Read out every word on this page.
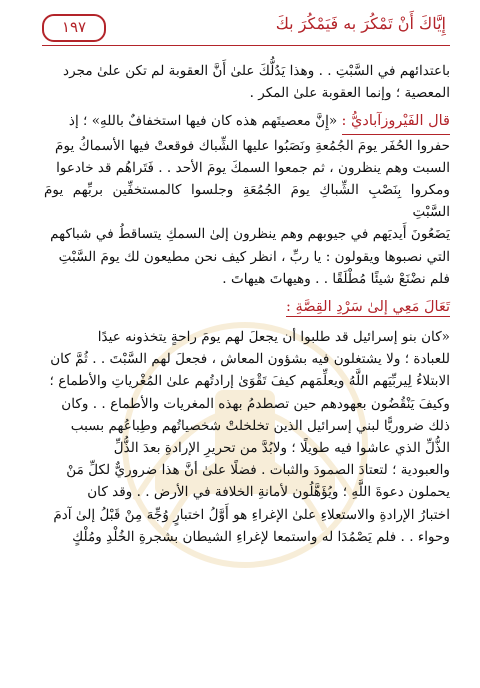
إِيَّاكَ أَنْ تَمْكُرَ به فَيَمْكُرَ بكَ
١٩٧

باعتدائهم في السَّبْتِ . . وهذا يَدُلُّكَ علىٰ أَنَّ العقوبة لم تكن علىٰ مجرد

المعصية ؛ وإنما العقوبة علىٰ المكر .

قال الفَيْروزآباديُّ : «إِنَّ معصيتَهم هذه كان فيها استخفافٌ باللهِ» ؛ إذ

حفروا الحُفَر يومَ الجُمُعةِ ونَصَبُوا عليها الشِّباك فوقعتْ فيها الأسماكُ يومَ

السبت وهم ينظرون ، ثم جمعوا السمكَ يومَ الأحد . . فَتَراهُم قد خادعوا

ومكروا بِنَصْبِ الشِّباكِ يومَ الجُمُعَةِ وجلسوا كالمستخفِّين بربِّهم يومَ السَّبْتِ

يَضَعُونَ أَيديَهم في جيوبهم وهم ينظرون إلىٰ السمكِ يتساقطُ في شباكهم

التي نصبوها ويقولون : يا ربِّ ، انظر كيف نحن مطيعون لك يومَ السَّبْتِ

فلم نضْنَعْ شيئًا مُطْلَقًا . . وهيهاتَ هيهاتَ .

تَعَالَ مَعِي إلىٰ سَرْدِ القِصَّةِ :

«كان بنو إسرائيل قد طلبوا أن يجعلَ لهم يومَ راحةٍ يتخذونه عيدًا

للعبادة ؛ ولا يشتغلون فيه بشؤون المعاش ، فجعلَ لهم السَّبْتَ . . ثُمَّ كان

الابتلاءُ لِيربِّيَهم اللَّهُ ويعلِّمَهم كيفَ تَقْوَىٰ إرادتُهم علىٰ المُغْرياتِ والأطماع ؛

وكيفَ يَنْقُضُون بعهودهم حين تصطدمُ بهذه المغريات والأطماع . . وكان

ذلك ضروريًّا لبني إسرائيل الذين تخلخلتْ شخصياتُهم وطِباعُهم بسبب

الذُّلِّ الذي عاشوا فيه طويلًا ؛ ولابُدَّ من تحريرِ الإرادةِ بعدَ الذُّلِّ

والعبودية ؛ لتعتادَ الصمودَ والثبات . فضلًا علىٰ أنَّ هذا ضروريٌّ لكلِّ مَنْ

يحملون دعوةَ اللَّهِ ؛ ويُؤَهَّلُون لأمانةِ الخلافة في الأرض . . وقد كان

اختبارُ الإرادةِ والاستعلاءِ علىٰ الإغراءِ هو أَوَّلُ اختبارٍ وُجِّهَ مِنْ قَبْلُ إلىٰ آدمَ

وحواء . . فلم يَصْمُدَا له واستمعا لإغراءِ الشيطان بشجرةِ الخُلْدِ ومُلْكٍ
